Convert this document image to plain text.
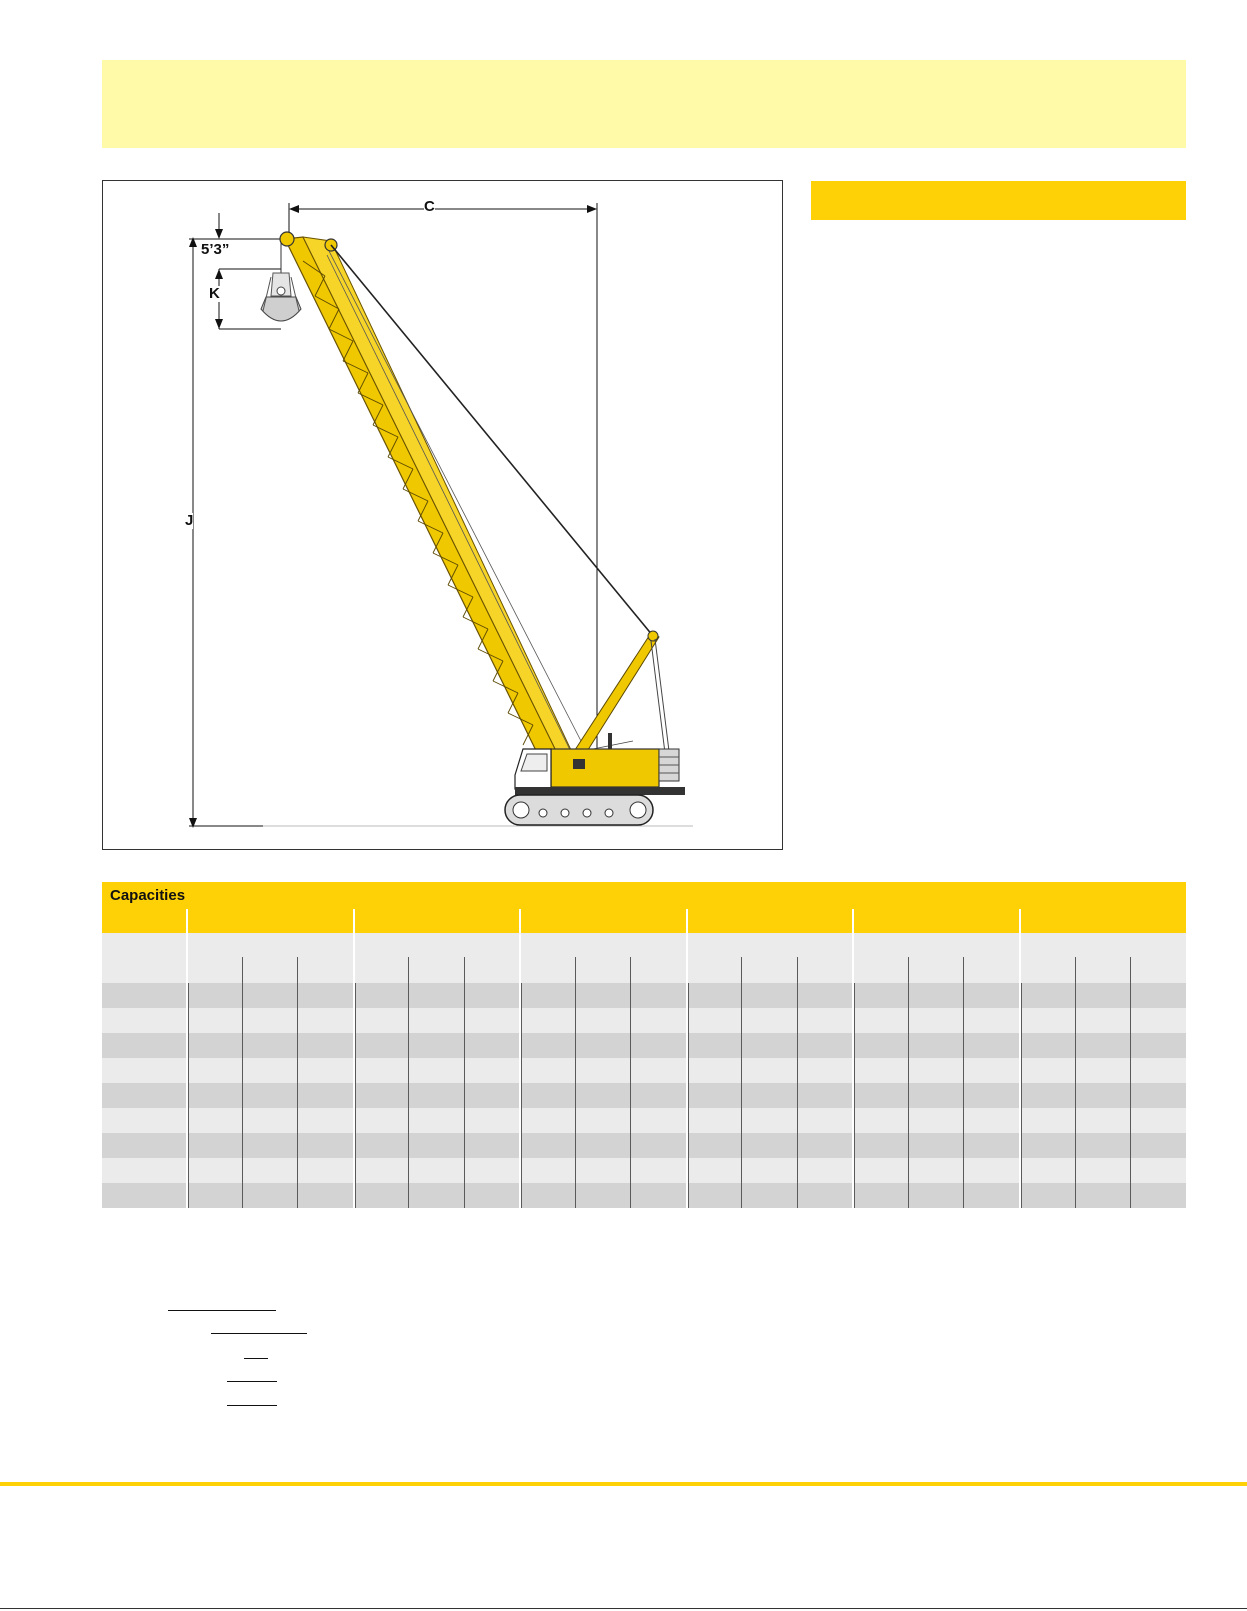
C
J
K
5’3”
Capacities
